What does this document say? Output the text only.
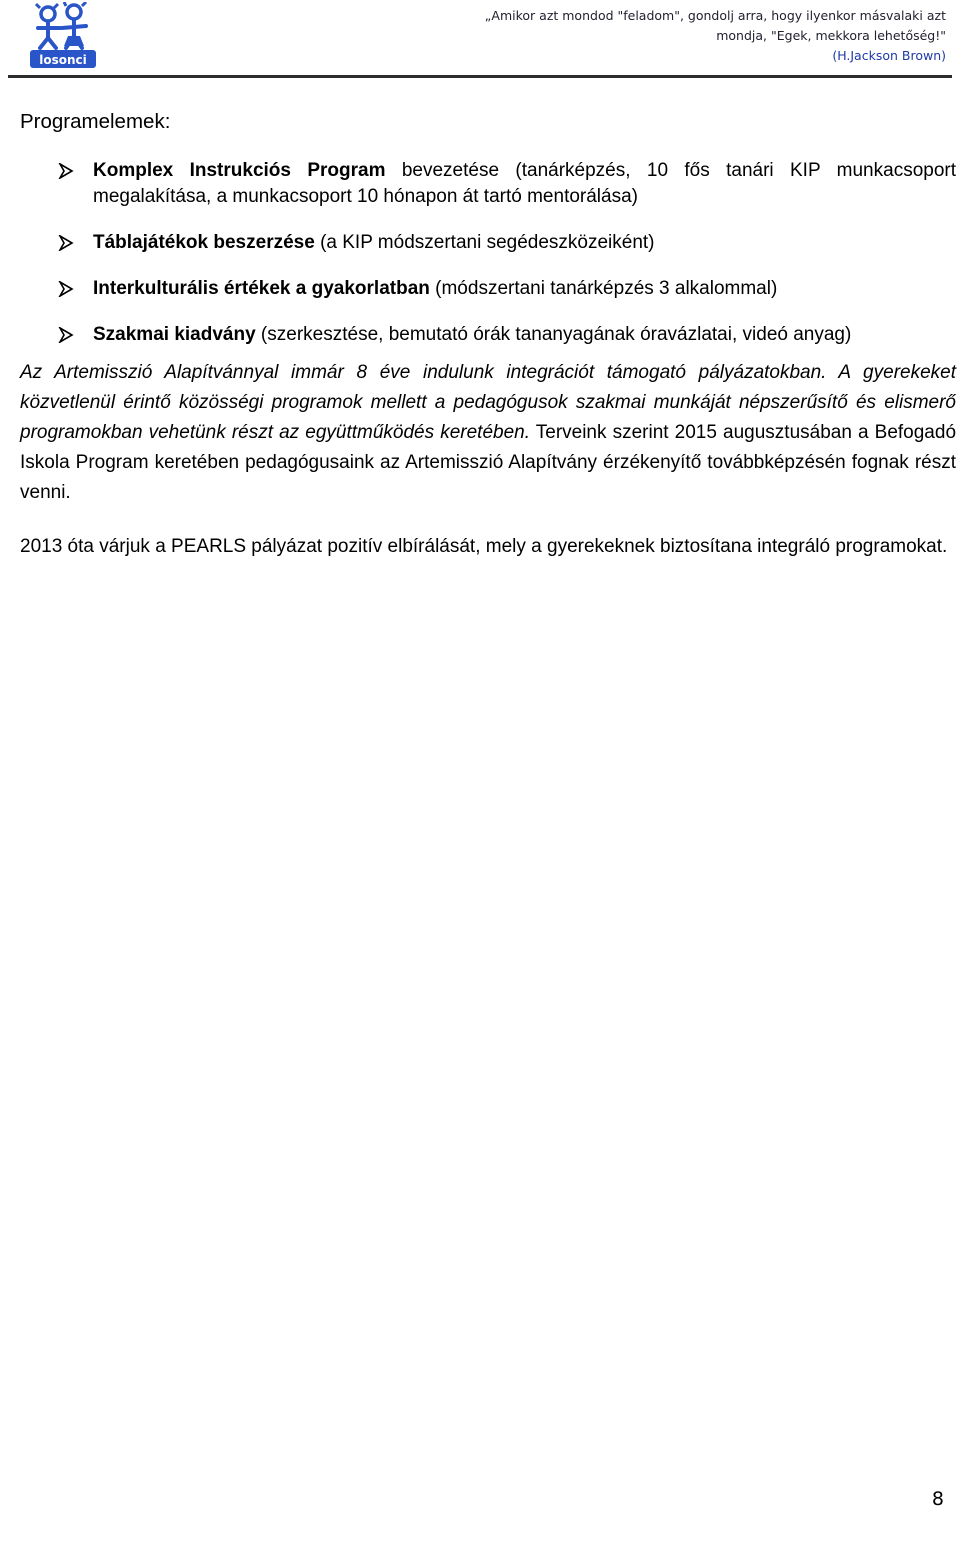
losonci
„Amikor azt mondod "feladom", gondolj arra, hogy ilyenkor másvalaki azt
mondja, "Egek, mekkora lehetőség!"
(H.Jackson Brown)
Programelemek:
Komplex Instrukciós Program bevezetése (tanárképzés, 10 fős tanári KIP munkacsoport megalakítása, a munkacsoport 10 hónapon át tartó mentorálása)
Táblajátékok beszerzése (a KIP módszertani segédeszközeiként)
Interkulturális értékek a gyakorlatban (módszertani tanárképzés 3 alkalommal)
Szakmai kiadvány (szerkesztése, bemutató órák tananyagának óravázlatai, videó anyag)

Az Artemisszió Alapítvánnyal immár 8 éve indulunk integrációt támogató pályázatokban. A gyerekeket közvetlenül érintő közösségi programok mellett a pedagógusok szakmai munkáját népszerűsítő és elismerő programokban vehetünk részt az együttműködés keretében. Terveink szerint 2015 augusztusában a Befogadó Iskola Program keretében pedagógusaink az Artemisszió Alapítvány érzékenyítő továbbképzésén fognak részt venni.

2013 óta várjuk a PEARLS pályázat pozitív elbírálását, mely a gyerekeknek biztosítana integráló programokat.

8
